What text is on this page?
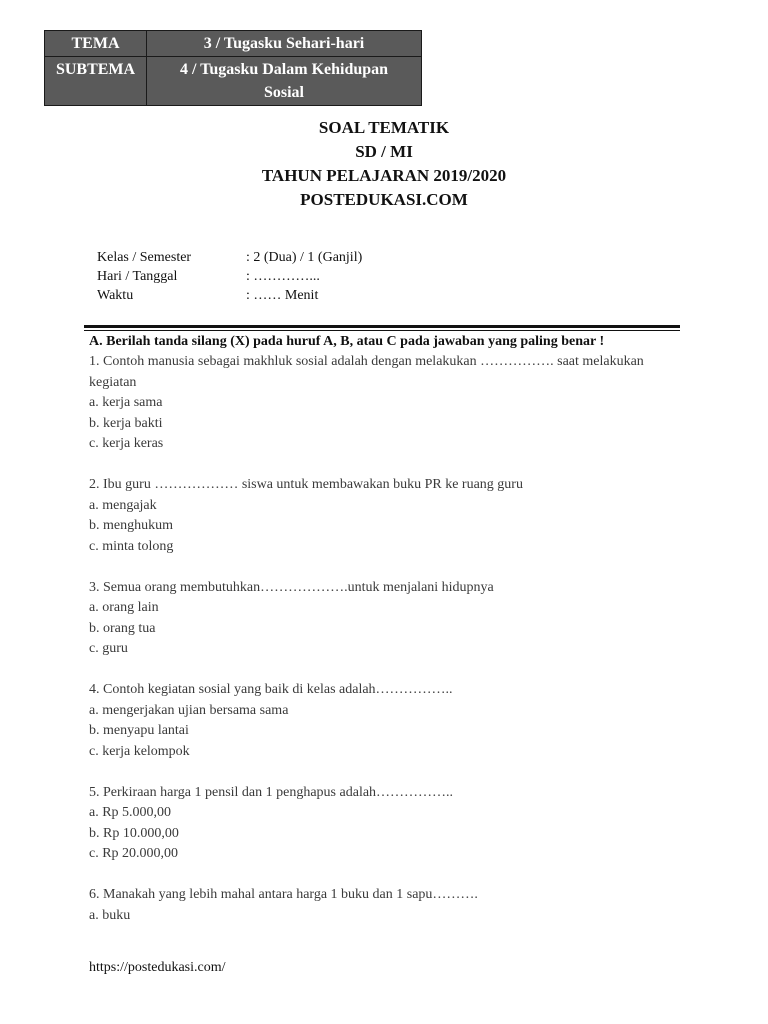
TEMA	3 / Tugasku Sehari-hari
SUBTEMA	4 / Tugasku Dalam Kehidupan
Sosial
SOAL TEMATIK
SD / MI
TAHUN PELAJARAN 2019/2020
POSTEDUKASI.COM
Kelas / Semester	: 2 (Dua) / 1 (Ganjil)
Hari / Tanggal	: …………...
Waktu	: …… Menit
A. Berilah tanda silang (X) pada huruf A, B, atau C pada jawaban yang paling benar !
1. Contoh manusia sebagai makhluk sosial adalah dengan melakukan ……………. saat melakukan kegiatan
a. kerja sama
b. kerja bakti
c. kerja keras
2. Ibu guru ……………… siswa untuk membawakan buku PR ke ruang guru
a. mengajak
b. menghukum
c. minta tolong
3. Semua orang membutuhkan……………….untuk menjalani hidupnya
a. orang lain
b. orang tua
c. guru
4. Contoh kegiatan sosial yang baik di kelas adalah……………..
a. mengerjakan ujian bersama sama
b. menyapu lantai
c. kerja kelompok
5. Perkiraan harga 1 pensil dan 1 penghapus adalah……………..
a. Rp 5.000,00
b. Rp 10.000,00
c. Rp 20.000,00
6. Manakah yang lebih mahal antara harga 1 buku dan 1 sapu……….
a. buku
https://postedukasi.com/
